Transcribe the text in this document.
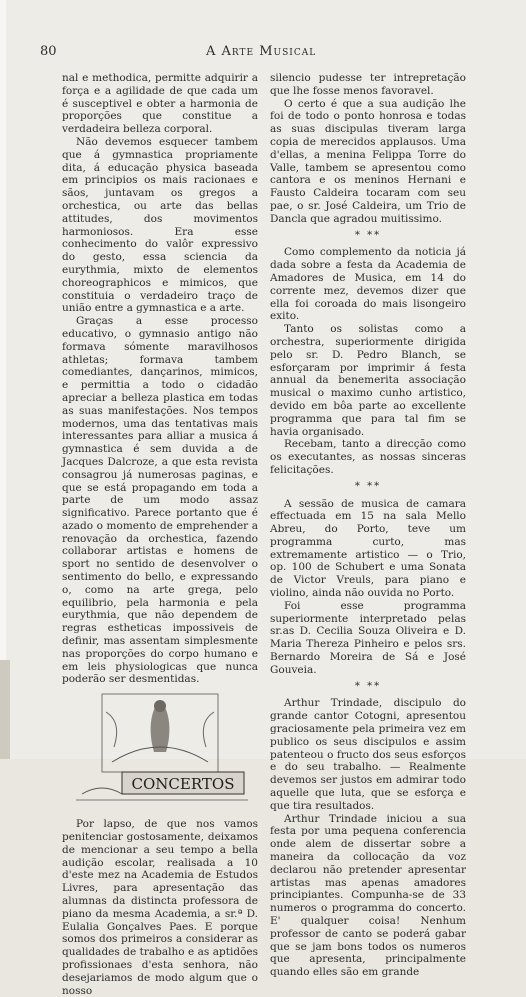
80	A Arte Musical

nal e methodica, permitte adquirir a força e a agilidade de que cada um é susceptivel e obter a harmonia de proporções que constitue a verdadeira belleza corporal.

Não devemos esquecer tambem que á gymnastica propriamente dita, á educação physica baseada em principios os mais racionaes e sãos, juntavam os gregos a orchestica, ou arte das bellas attitudes, dos movimentos harmoniosos. Era esse conhecimento do valôr expressivo do gesto, essa sciencia da eurythmia, mixto de elementos choreographicos e mimicos, que constituia o verdadeiro traço de união entre a gymnastica e a arte.

Graças a esse processo educativo, o gymnasio antigo não formava sómente maravilhosos athletas; formava tambem comediantes, dançarinos, mimicos, e permittia a todo o cidadão apreciar a belleza plastica em todas as suas manifestações. Nos tempos modernos, uma das tentativas mais interessantes para alliar a musica á gymnastica é sem duvida a de Jacques Dalcroze, a que esta revista consagrou já numerosas paginas, e que se está propagando em toda a parte de um modo assaz significativo. Parece portanto que é azado o momento de emprehender a renovação da orchestica, fazendo collaborar artistas e homens de sport no sentido de desenvolver o sentimento do bello, e expressando o, como na arte grega, pelo equilibrio, pela harmonia e pela eurythmia, que não dependem de regras estheticas impossiveis de definir, mas assentam simplesmente nas proporções do corpo humano e em leis physiologicas que nunca poderão ser desmentidas.

CONCERTOS

Por lapso, de que nos vamos penitenciar gostosamente, deixamos de mencionar a seu tempo a bella audição escolar, realisada a 10 d'este mez na Academia de Estudos Livres, para apresentação das alumnas da distincta professora de piano da mesma Academia, a sr.ª D. Eulalia Gonçalves Paes. E porque somos dos primeiros a considerar as qualidades de trabalho e as aptidões profissionaes d'esta senhora, não desejariamos de modo algum que o nosso

silencio pudesse ter intrepretação que lhe fosse menos favoravel.

O certo é que a sua audição lhe foi de todo o ponto honrosa e todas as suas discipulas tiveram larga copia de merecidos applausos. Uma d'ellas, a menina Felippa Torre do Valle, tambem se apresentou como cantora e os meninos Hernani e Fausto Caldeira tocaram com seu pae, o sr. José Caldeira, um Trio de Dancla que agradou muitissimo.

* **

Como complemento da noticia já dada sobre a festa da Academia de Amadores de Musica, em 14 do corrente mez, devemos dizer que ella foi coroada do mais lisongeiro exito.

Tanto os solistas como a orchestra, superiormente dirigida pelo sr. D. Pedro Blanch, se esforçaram por imprimir á festa annual da benemerita associação musical o maximo cunho artistico, devido em bôa parte ao excellente programma que para tal fim se havia organisado.

Recebam, tanto a direcção como os executantes, as nossas sinceras felicitações.

* **

A sessão de musica de camara effectuada em 15 na sala Mello Abreu, do Porto, teve um programma curto, mas extremamente artistico — o Trio, op. 100 de Schubert e uma Sonata de Victor Vreuls, para piano e violino, ainda não ouvida no Porto.

Foi esse programma superiormente interpretado pelas sr.as D. Cecilia Souza Oliveira e D. Maria Thereza Pinheiro e pelos srs. Bernardo Moreira de Sá e José Gouveia.

* **

Arthur Trindade, discipulo do grande cantor Cotogni, apresentou graciosamente pela primeira vez em publico os seus discipulos e assim patenteou o fructo dos seus esforços e do seu trabalho. — Realmente devemos ser justos em admirar todo aquelle que luta, que se esforça e que tira resultados.

Arthur Trindade iniciou a sua festa por uma pequena conferencia onde alem de dissertar sobre a maneira da collocação da voz declarou não pretender apresentar artistas mas apenas amadores principiantes. Compunha-se de 33 numeros o programma do concerto. E' qualquer coisa! Nenhum professor de canto se poderá gabar que se jam bons todos os numeros que apresenta, principalmente quando elles são em grande
